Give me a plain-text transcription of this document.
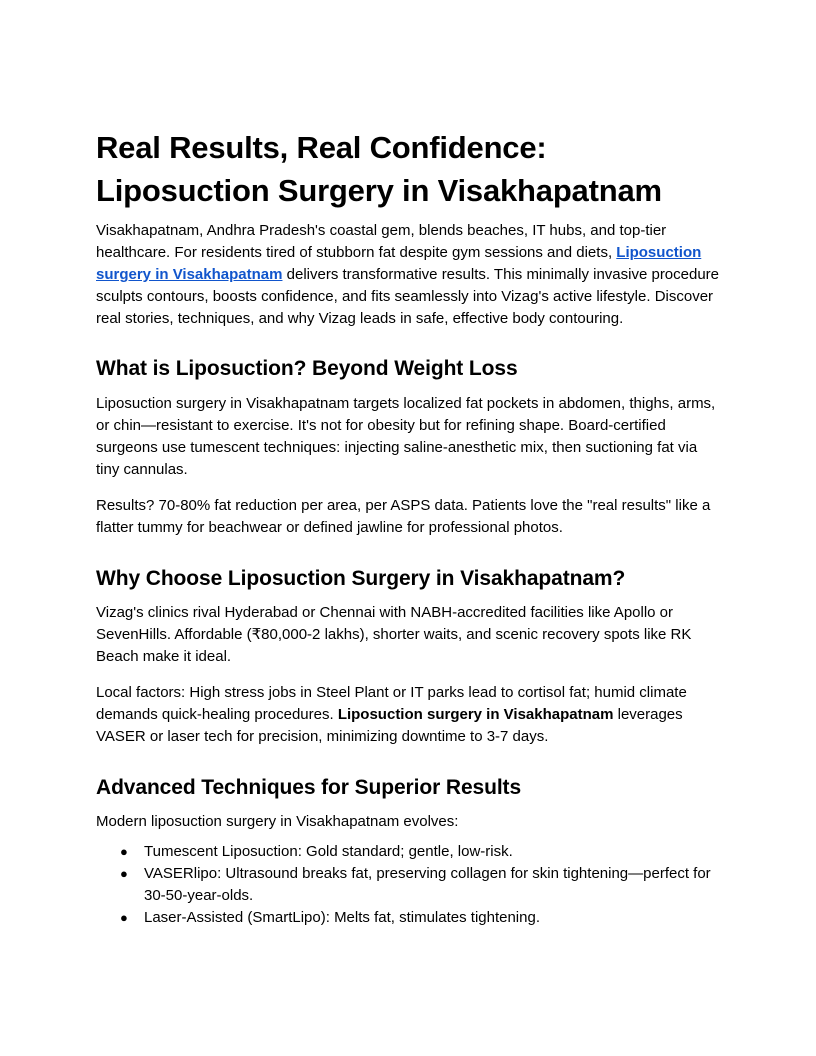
Real Results, Real Confidence: Liposuction Surgery in Visakhapatnam

Visakhapatnam, Andhra Pradesh's coastal gem, blends beaches, IT hubs, and top-tier healthcare. For residents tired of stubborn fat despite gym sessions and diets, Liposuction surgery in Visakhapatnam delivers transformative results. This minimally invasive procedure sculpts contours, boosts confidence, and fits seamlessly into Vizag's active lifestyle. Discover real stories, techniques, and why Vizag leads in safe, effective body contouring.

What is Liposuction? Beyond Weight Loss

Liposuction surgery in Visakhapatnam targets localized fat pockets in abdomen, thighs, arms, or chin—resistant to exercise. It's not for obesity but for refining shape. Board-certified surgeons use tumescent techniques: injecting saline-anesthetic mix, then suctioning fat via tiny cannulas.

Results? 70-80% fat reduction per area, per ASPS data. Patients love the "real results" like a flatter tummy for beachwear or defined jawline for professional photos.

Why Choose Liposuction Surgery in Visakhapatnam?

Vizag's clinics rival Hyderabad or Chennai with NABH-accredited facilities like Apollo or SevenHills. Affordable (₹80,000-2 lakhs), shorter waits, and scenic recovery spots like RK Beach make it ideal.

Local factors: High stress jobs in Steel Plant or IT parks lead to cortisol fat; humid climate demands quick-healing procedures. Liposuction surgery in Visakhapatnam leverages VASER or laser tech for precision, minimizing downtime to 3-7 days.

Advanced Techniques for Superior Results

Modern liposuction surgery in Visakhapatnam evolves:

● Tumescent Liposuction: Gold standard; gentle, low-risk.
● VASERlipo: Ultrasound breaks fat, preserving collagen for skin tightening—perfect for 30-50-year-olds.
● Laser-Assisted (SmartLipo): Melts fat, stimulates tightening.
